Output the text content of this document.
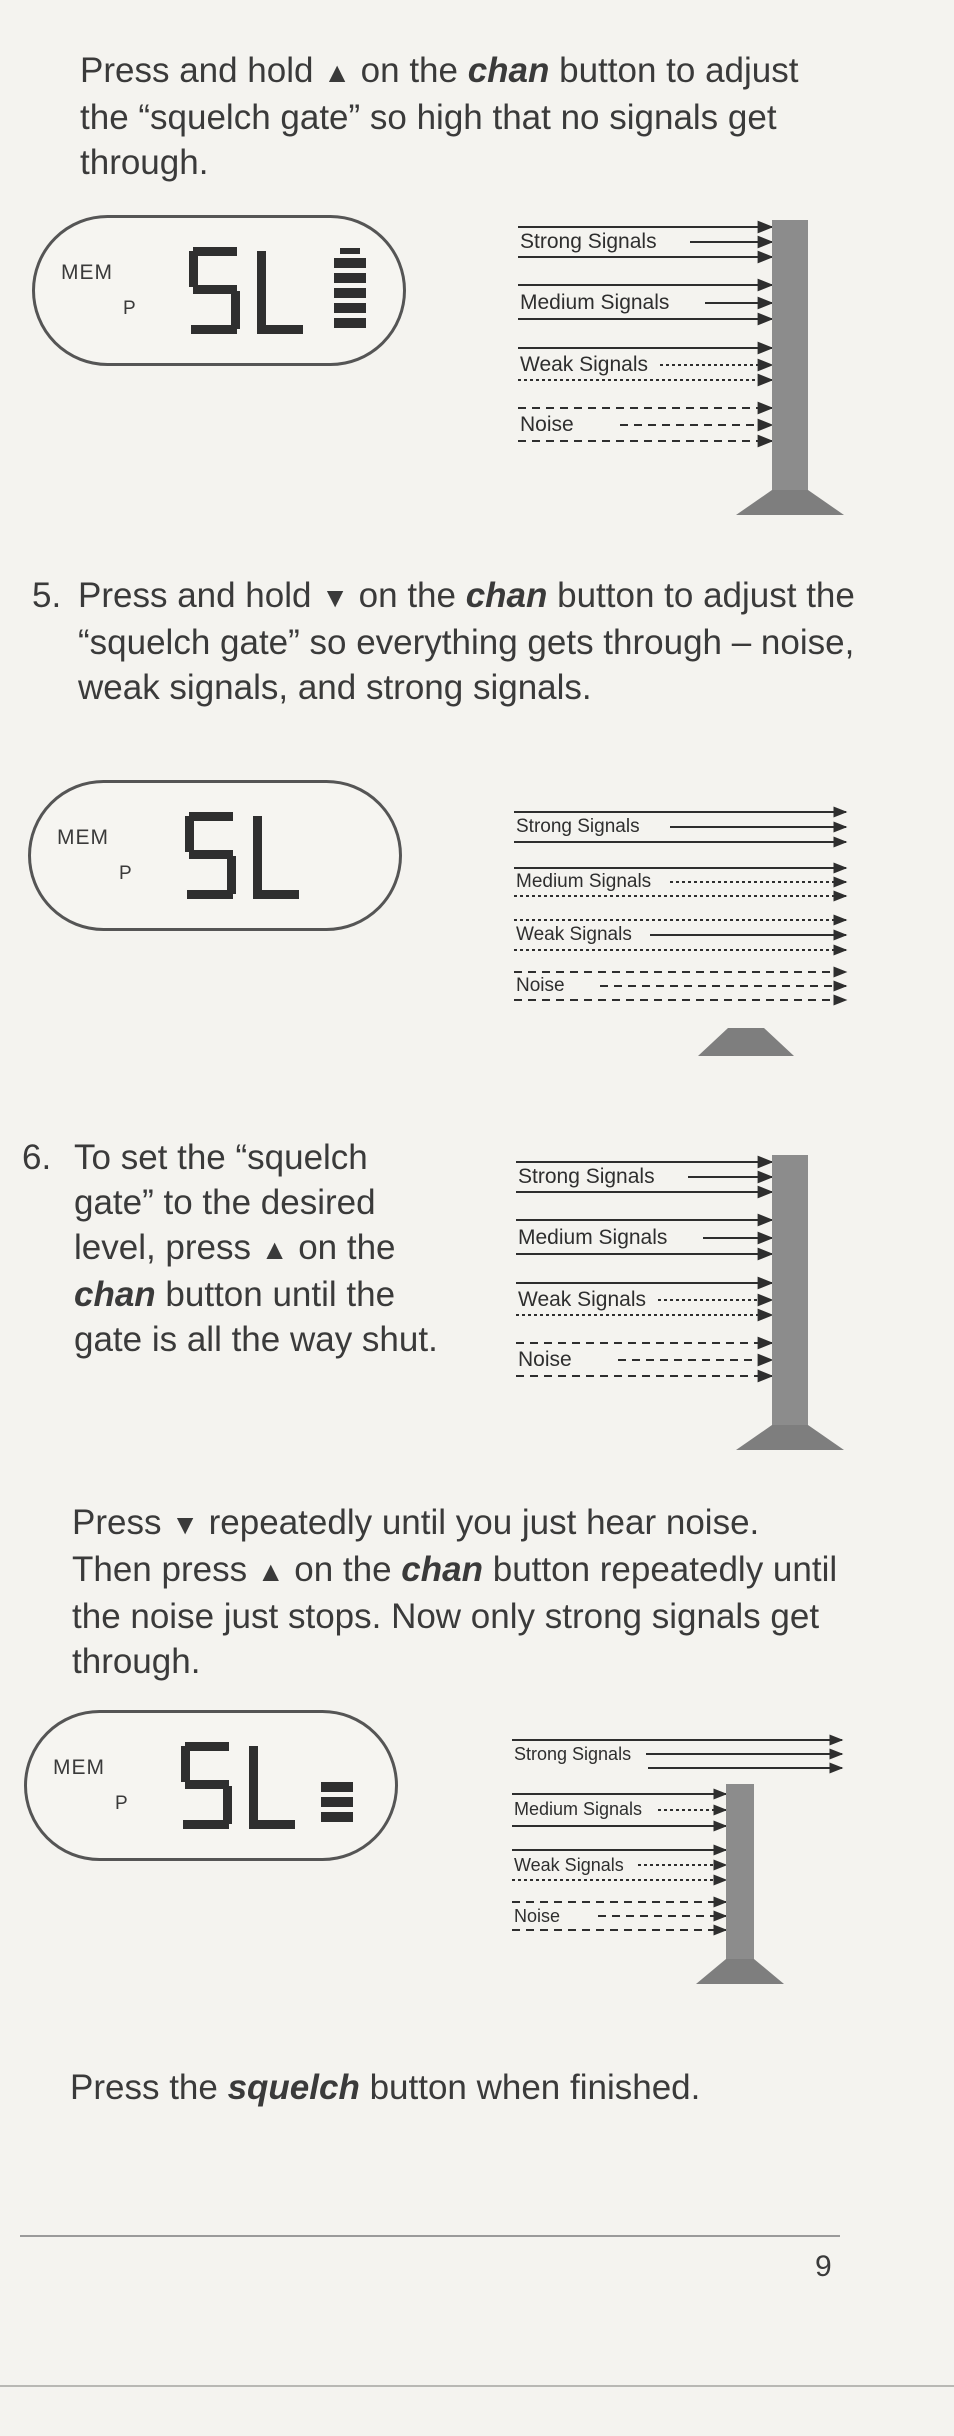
Press and hold ▲ on the chan button to adjust the “squelch gate” so high that no signals get through.

MEM
P
Strong Signals
Medium Signals
Weak Signals
Noise
5. Press and hold ▼ on the chan button to adjust the “squelch gate” so everything gets through – noise, weak signals, and strong signals.

MEM
P
Strong Signals
Medium Signals
Weak Signals
Noise
6. To set the “squelch gate” to the desired level, press ▲ on the chan button until the gate is all the way shut.

Strong Signals
Medium Signals
Weak Signals
Noise

Press ▼ repeatedly until you just hear noise. Then press ▲ on the chan button repeatedly until the noise just stops. Now only strong signals get through.

MEM
P
Strong Signals
Medium Signals
Weak Signals
Noise

Press the squelch button when finished.

9
